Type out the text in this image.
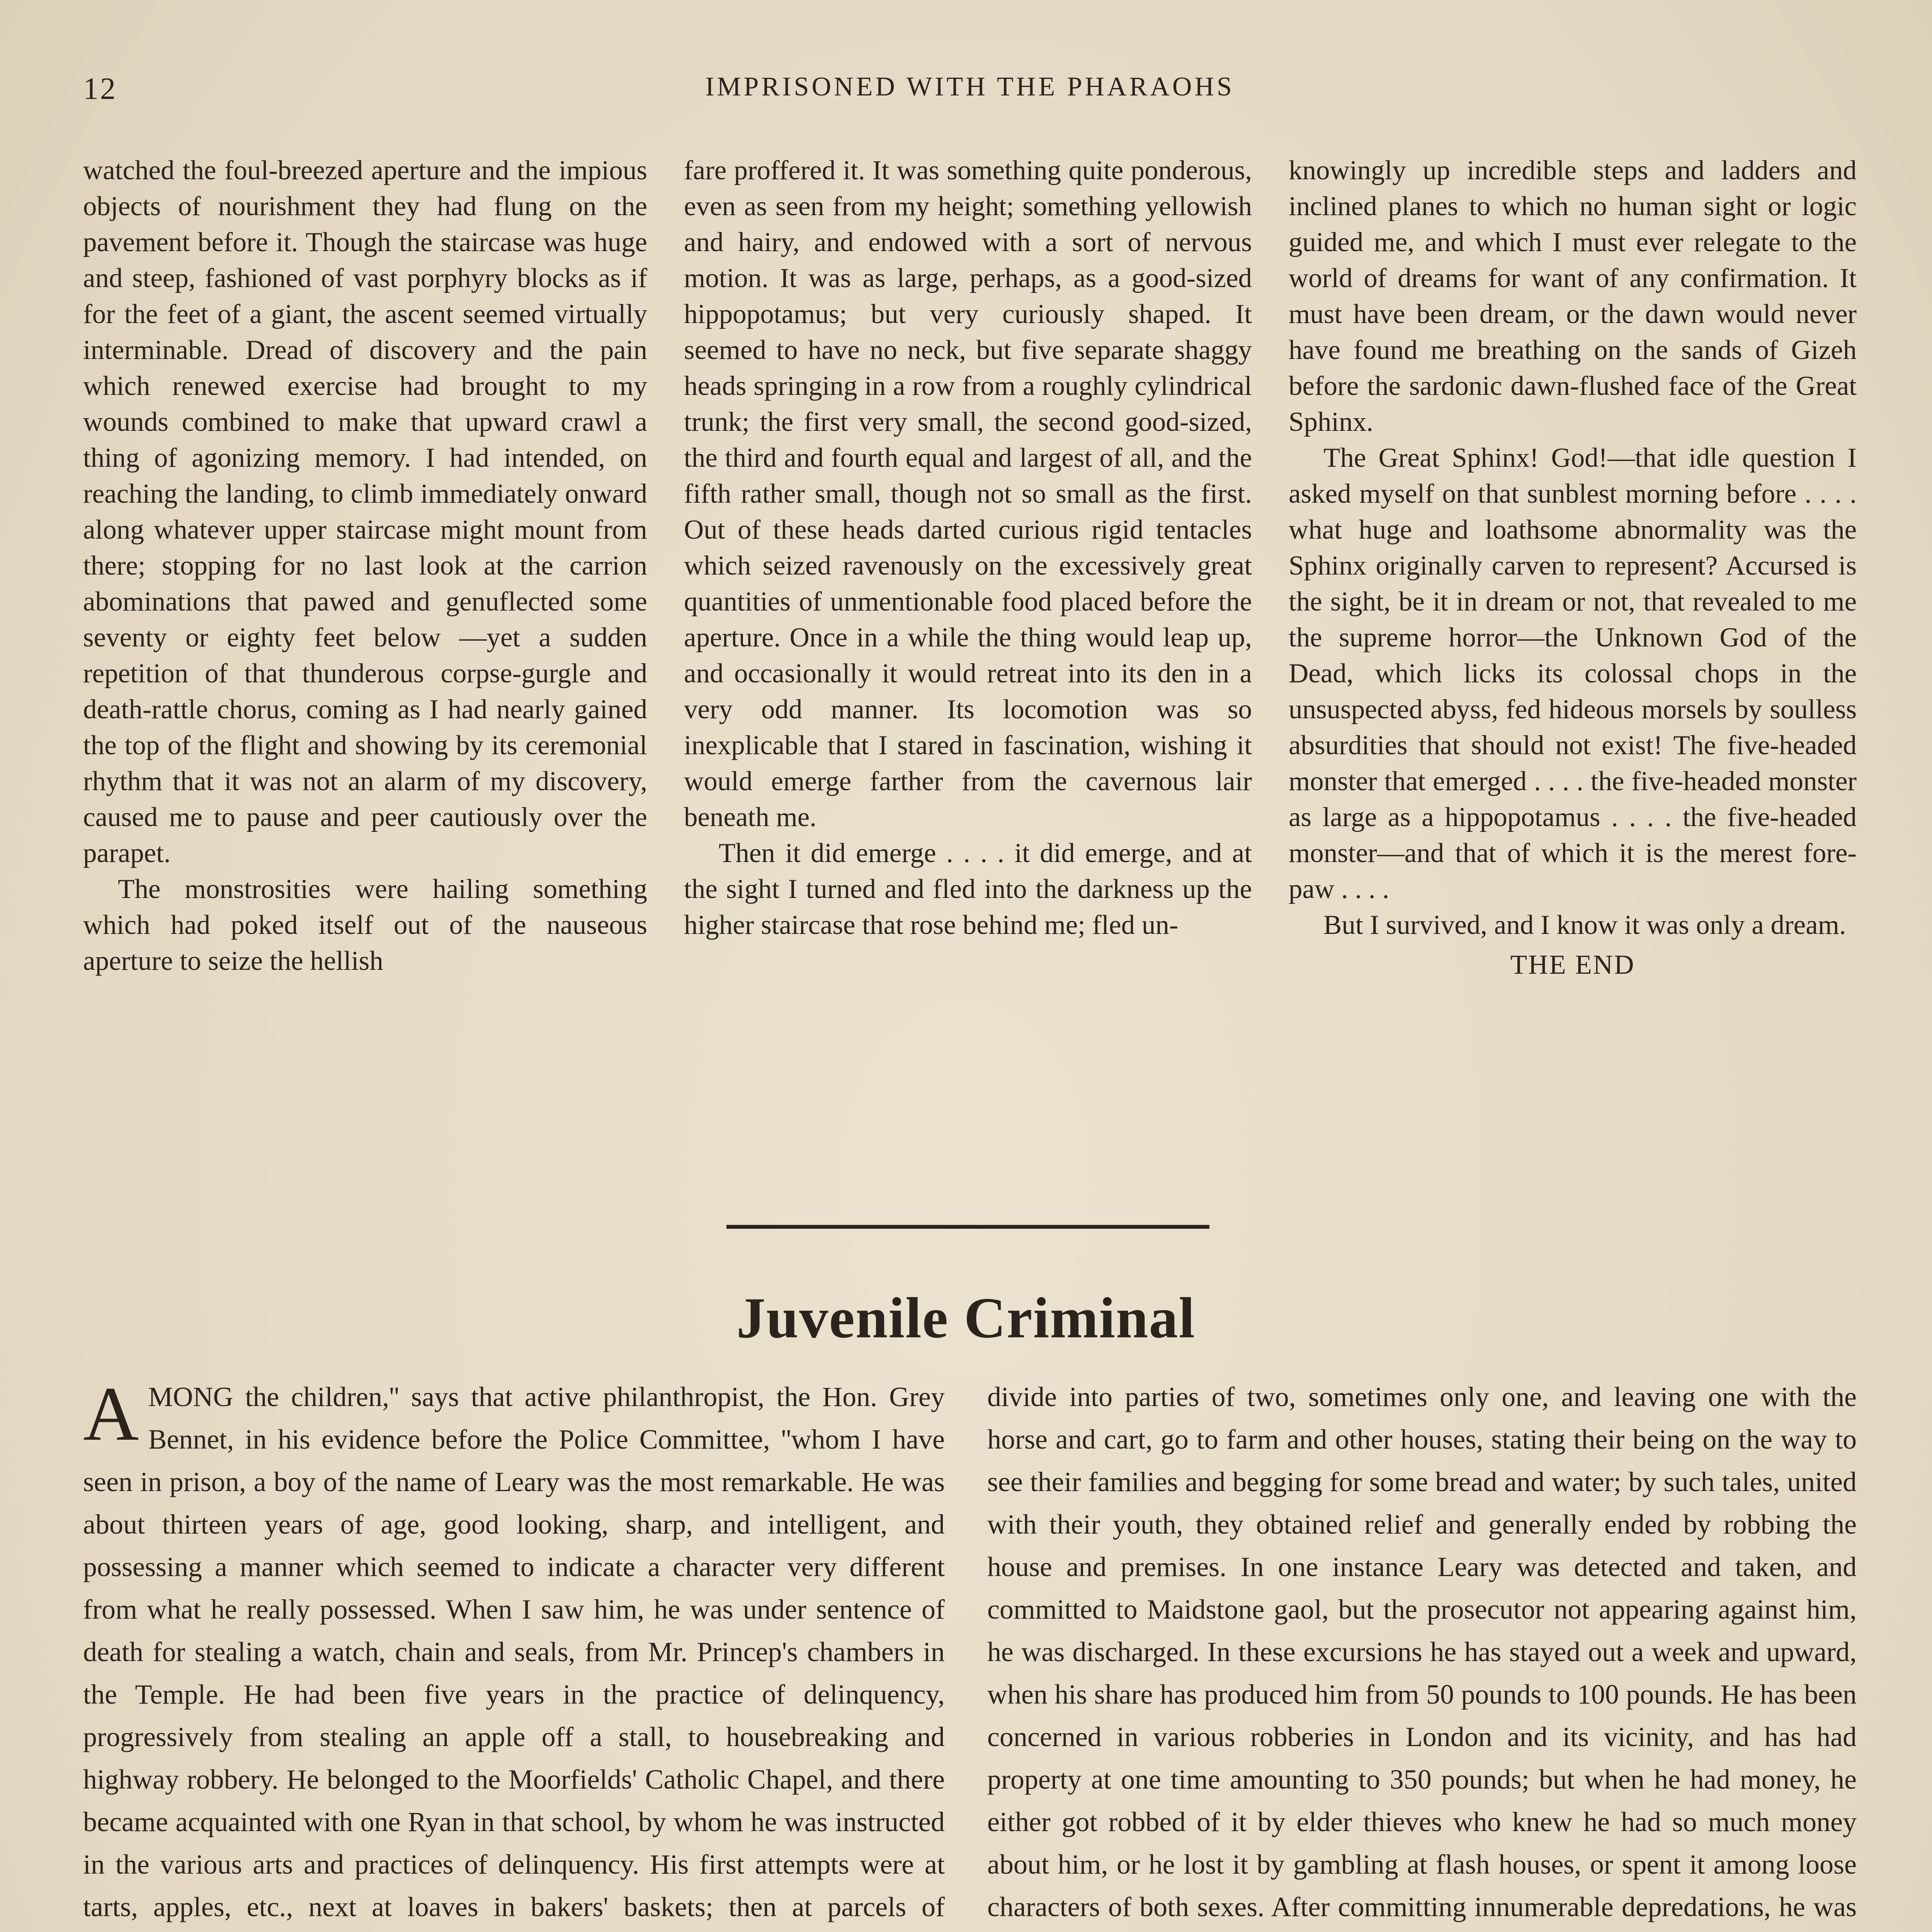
12	IMPRISONED WITH THE PHARAOHS

watched the foul-breezed aperture and the impious objects of nourishment they had flung on the pavement before it. Though the staircase was huge and steep, fashioned of vast porphyry blocks as if for the feet of a giant, the ascent seemed virtually interminable. Dread of discovery and the pain which renewed exercise had brought to my wounds combined to make that upward crawl a thing of agonizing memory. I had intended, on reaching the landing, to climb immediately onward along whatever upper staircase might mount from there; stopping for no last look at the carrion abominations that pawed and genuflected some seventy or eighty feet below —yet a sudden repetition of that thunderous corpse-gurgle and death-rattle chorus, coming as I had nearly gained the top of the flight and showing by its ceremonial rhythm that it was not an alarm of my discovery, caused me to pause and peer cautiously over the parapet.

The monstrosities were hailing something which had poked itself out of the nauseous aperture to seize the hellish

fare proffered it. It was something quite ponderous, even as seen from my height; something yellowish and hairy, and endowed with a sort of nervous motion. It was as large, perhaps, as a good-sized hippopotamus; but very curiously shaped. It seemed to have no neck, but five separate shaggy heads springing in a row from a roughly cylindrical trunk; the first very small, the second good-sized, the third and fourth equal and largest of all, and the fifth rather small, though not so small as the first. Out of these heads darted curious rigid tentacles which seized ravenously on the excessively great quantities of unmentionable food placed before the aperture. Once in a while the thing would leap up, and occasionally it would retreat into its den in a very odd manner. Its locomotion was so inexplicable that I stared in fascination, wishing it would emerge farther from the cavernous lair beneath me.

Then it did emerge . . . . it did emerge, and at the sight I turned and fled into the darkness up the higher staircase that rose behind me; fled un-

knowingly up incredible steps and ladders and inclined planes to which no human sight or logic guided me, and which I must ever relegate to the world of dreams for want of any confirmation. It must have been dream, or the dawn would never have found me breathing on the sands of Gizeh before the sardonic dawn-flushed face of the Great Sphinx.

The Great Sphinx! God!—that idle question I asked myself on that sunblest morning before . . . . what huge and loathsome abnormality was the Sphinx originally carven to represent? Accursed is the sight, be it in dream or not, that revealed to me the supreme horror—the Unknown God of the Dead, which licks its colossal chops in the unsuspected abyss, fed hideous morsels by soulless absurdities that should not exist! The five-headed monster that emerged . . . . the five-headed monster as large as a hippopotamus . . . . the five-headed monster—and that of which it is the merest fore-paw . . . .

But I survived, and I know it was only a dream.

THE END
Juvenile Criminal

AMONG the children,'' says that active philanthropist, the Hon. Grey Bennet, in his evidence before the Police Committee, ''whom I have seen in prison, a boy of the name of Leary was the most remarkable. He was about thirteen years of age, good looking, sharp, and intelligent, and possessing a manner which seemed to indicate a character very different from what he really possessed. When I saw him, he was under sentence of death for stealing a watch, chain and seals, from Mr. Princep's chambers in the Temple. He had been five years in the practice of delinquency, progressively from stealing an apple off a stall, to housebreaking and highway robbery. He belonged to the Moorfields' Catholic Chapel, and there became acquainted with one Ryan in that school, by whom he was instructed in the various arts and practices of delinquency. His first attempts were at tarts, apples, etc., next at loaves in bakers' baskets; then at parcels of

divide into parties of two, sometimes only one, and leaving one with the horse and cart, go to farm and other houses, stating their being on the way to see their families and begging for some bread and water; by such tales, united with their youth, they obtained relief and generally ended by robbing the house and premises. In one instance Leary was detected and taken, and committed to Maidstone gaol, but the prosecutor not appearing against him, he was discharged. In these excursions he has stayed out a week and upward, when his share has produced him from 50 pounds to 100 pounds. He has been concerned in various robberies in London and its vicinity, and has had property at one time amounting to 350 pounds; but when he had money, he either got robbed of it by elder thieves who knew he had so much money about him, or he lost it by gambling at flash houses, or spent it among loose characters of both sexes. After committing innumerable depredations, he was
